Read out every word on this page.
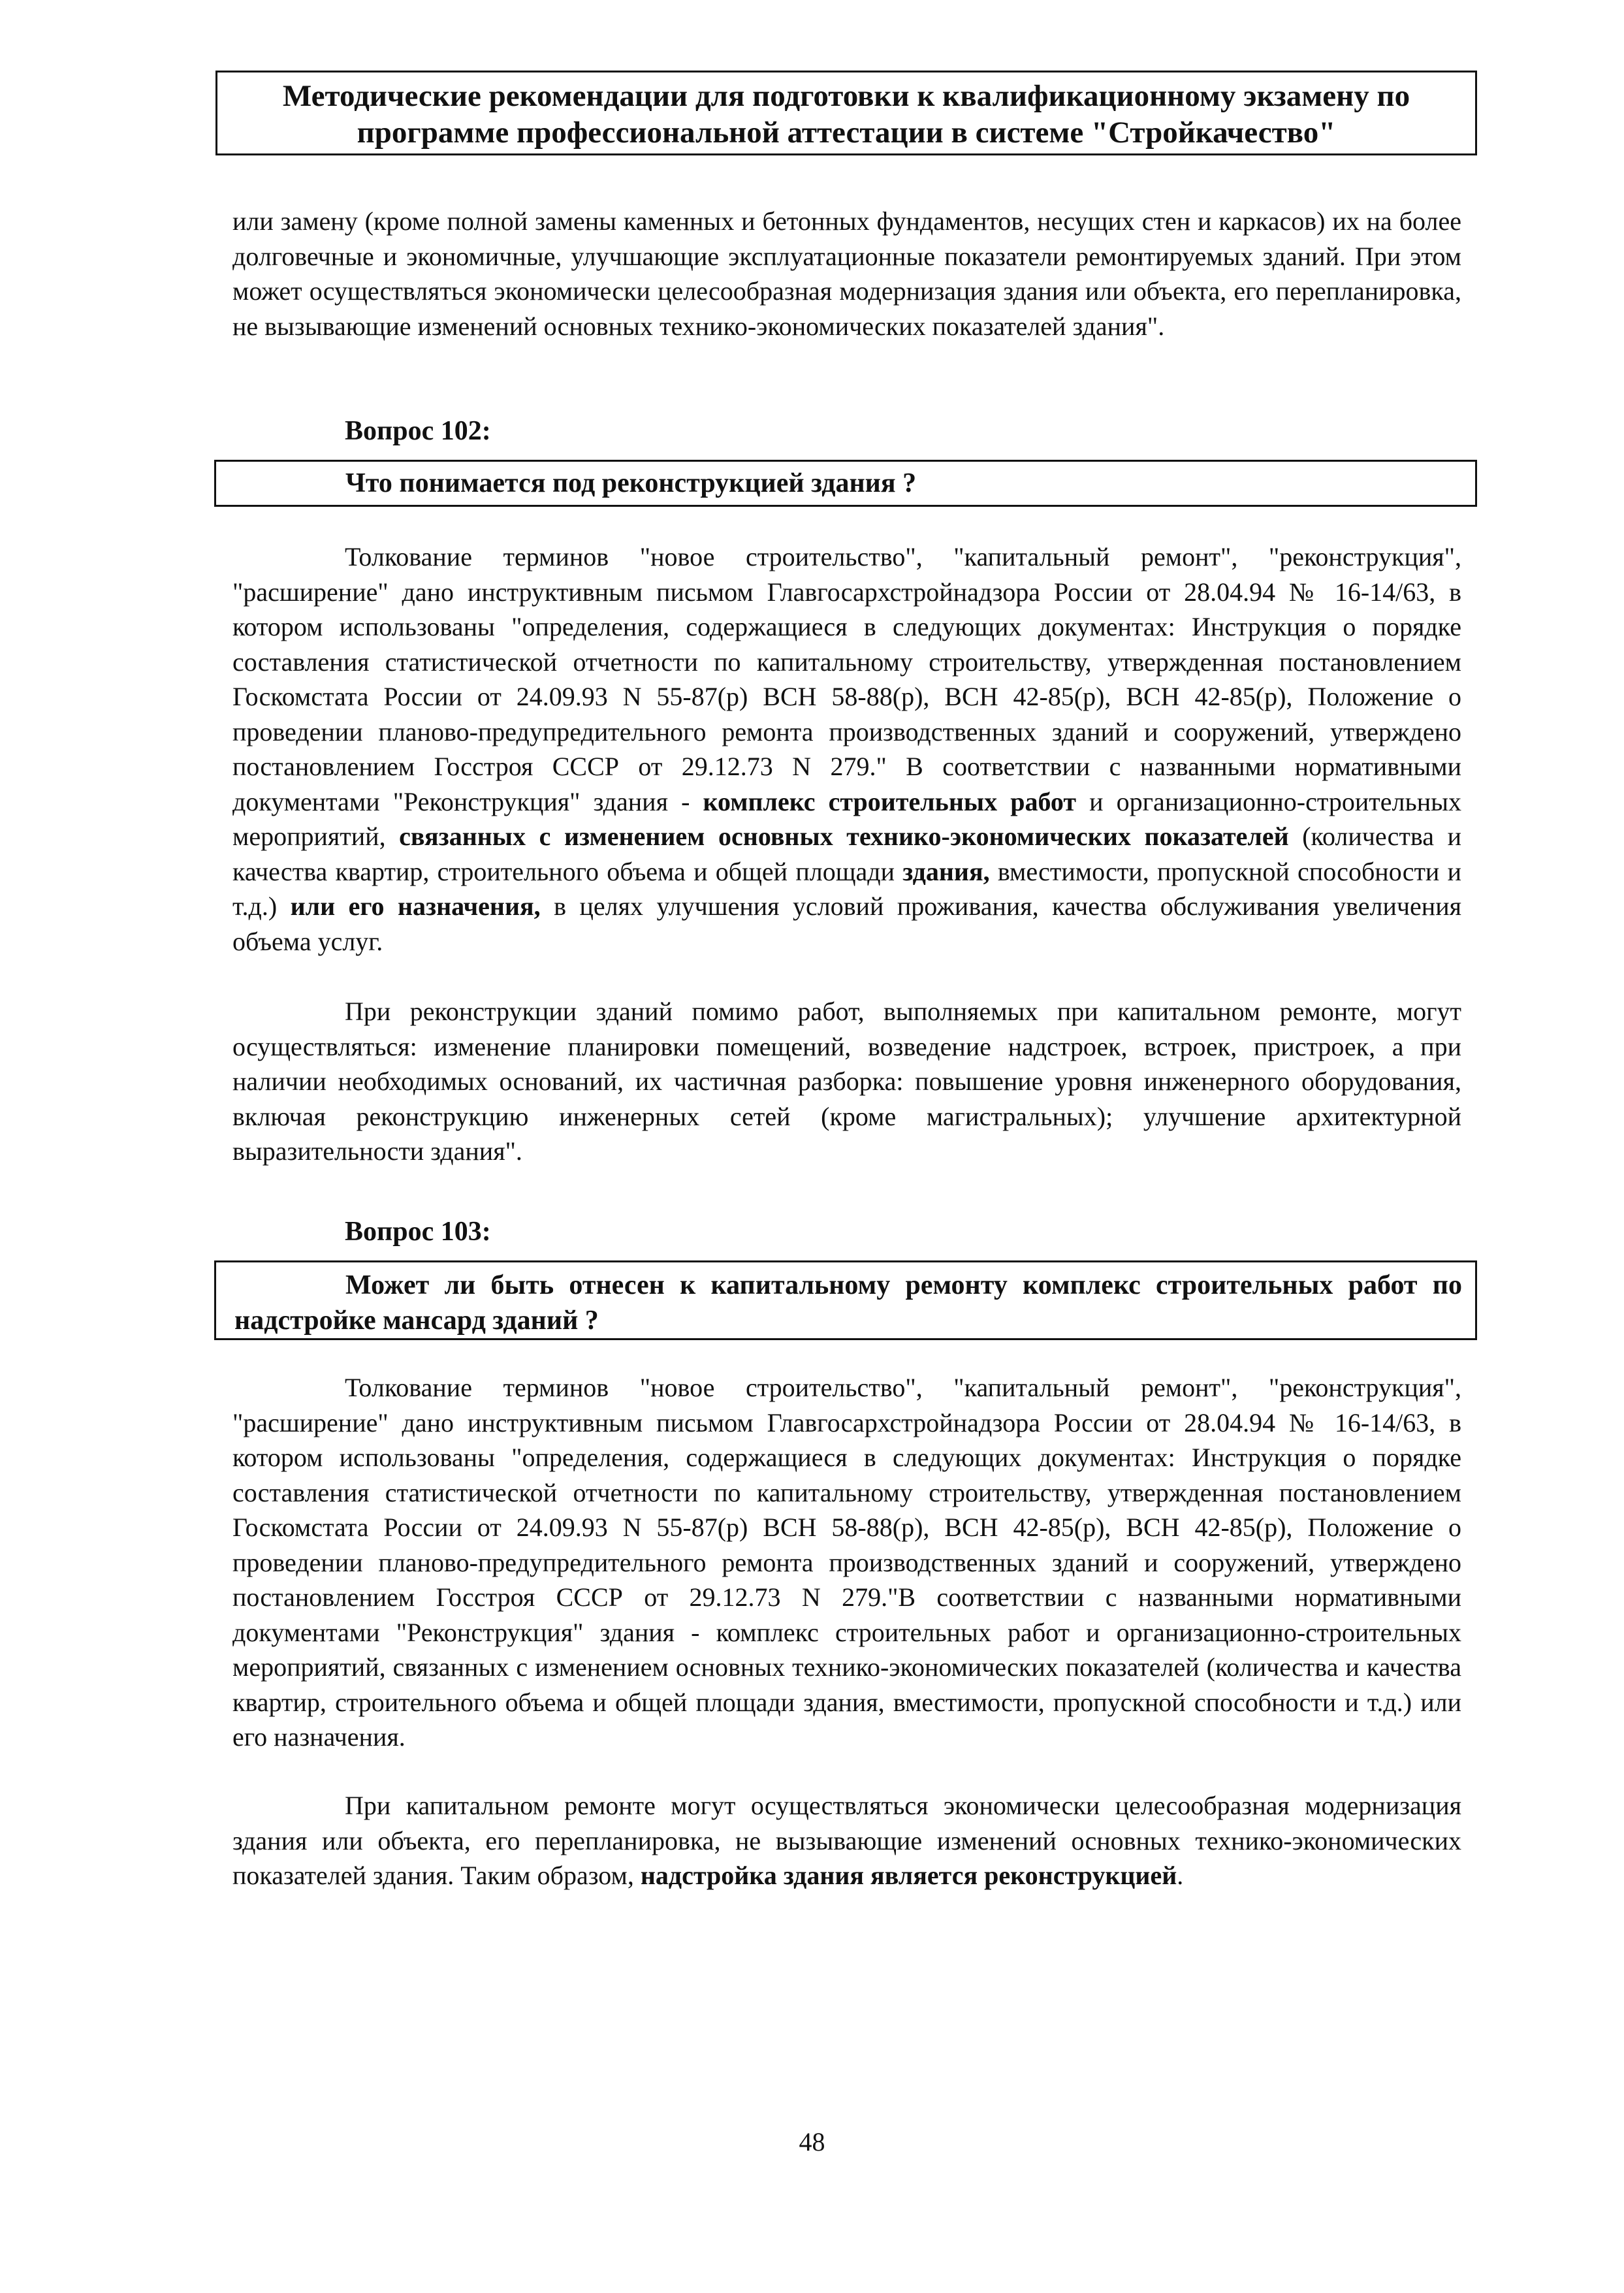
Методические рекомендации для подготовки к квалификационному экзамену по
программе профессиональной аттестации в системе "Стройкачество"

или замену (кроме полной замены каменных и бетонных фундаментов, несущих стен и каркасов) их на более долговечные и экономичные, улучшающие эксплуатационные показатели ремонтируемых зданий. При этом может осуществляться экономически целесообразная модернизация здания или объекта, его перепланировка, не вызывающие изменений основных технико-экономических показателей здания".

Вопрос 102:

Что понимается под реконструкцией здания ?

Толкование терминов "новое строительство", "капитальный ремонт", "реконструкция", "расширение" дано инструктивным письмом Главгосархстройнадзора России от 28.04.94 № 16-14/63, в котором использованы "определения, содержащиеся в следующих документах: Инструкция о порядке составления статистической отчетности по капитальному строительству, утвержденная постановлением Госкомстата России от 24.09.93 N 55-87(р) ВСН 58-88(р), ВСН 42-85(р), ВСН 42-85(р), Положение о проведении планово-предупредительного ремонта производственных зданий и сооружений, утверждено постановлением Госстроя СССР от 29.12.73 N 279." В соответствии с названными нормативными документами "Реконструкция" здания - комплекс строительных работ и организационно-строительных мероприятий, связанных с изменением основных технико-экономических показателей (количества и качества квартир, строительного объема и общей площади здания, вместимости, пропускной способности и т.д.) или его назначения, в целях улучшения условий проживания, качества обслуживания увеличения объема услуг.

При реконструкции зданий помимо работ, выполняемых при капитальном ремонте, могут осуществляться: изменение планировки помещений, возведение надстроек, встроек, пристроек, а при наличии необходимых оснований, их частичная разборка: повышение уровня инженерного оборудования, включая реконструкцию инженерных сетей (кроме магистральных); улучшение архитектурной выразительности здания".

Вопрос 103:

Может ли быть отнесен к капитальному ремонту комплекс строительных работ по надстройке мансард зданий ?

Толкование терминов "новое строительство", "капитальный ремонт", "реконструкция", "расширение" дано инструктивным письмом Главгосархстройнадзора России от 28.04.94 № 16-14/63, в котором использованы "определения, содержащиеся в следующих документах: Инструкция о порядке составления статистической отчетности по капитальному строительству, утвержденная постановлением Госкомстата России от 24.09.93 N 55-87(р) ВСН 58-88(р), ВСН 42-85(р), ВСН 42-85(р), Положение о проведении планово-предупредительного ремонта производственных зданий и сооружений, утверждено постановлением Госстроя СССР от 29.12.73 N 279."В соответствии с названными нормативными документами "Реконструкция" здания - комплекс строительных работ и организационно-строительных мероприятий, связанных с изменением основных технико-экономических показателей (количества и качества квартир, строительного объема и общей площади здания, вместимости, пропускной способности и т.д.) или его назначения.

При капитальном ремонте могут осуществляться экономически целесообразная модернизация здания или объекта, его перепланировка, не вызывающие изменений основных технико-экономических показателей здания. Таким образом, надстройка здания является реконструкцией.

48
